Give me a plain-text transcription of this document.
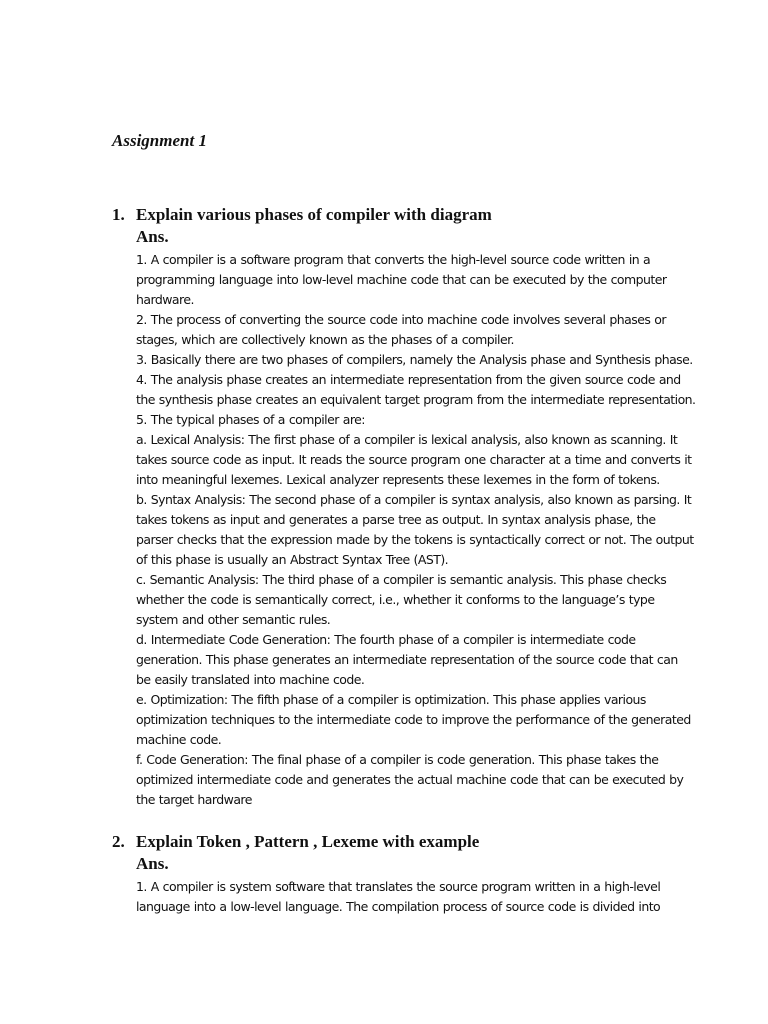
Assignment 1
1. Explain various phases of compiler with diagram

Ans.

1. A compiler is a software program that converts the high-level source code written in a programming language into low-level machine code that can be executed by the computer hardware.

2. The process of converting the source code into machine code involves several phases or stages, which are collectively known as the phases of a compiler.

3. Basically there are two phases of compilers, namely the Analysis phase and Synthesis phase.

4. The analysis phase creates an intermediate representation from the given source code and the synthesis phase creates an equivalent target program from the intermediate representation.

5. The typical phases of a compiler are:

a. Lexical Analysis: The first phase of a compiler is lexical analysis, also known as scanning. It takes source code as input. It reads the source program one character at a time and converts it into meaningful lexemes. Lexical analyzer represents these lexemes in the form of tokens.

b. Syntax Analysis: The second phase of a compiler is syntax analysis, also known as parsing. It takes tokens as input and generates a parse tree as output. In syntax analysis phase, the parser checks that the expression made by the tokens is syntactically correct or not. The output of this phase is usually an Abstract Syntax Tree (AST).

c. Semantic Analysis: The third phase of a compiler is semantic analysis. This phase checks whether the code is semantically correct, i.e., whether it conforms to the language’s type system and other semantic rules.

d. Intermediate Code Generation: The fourth phase of a compiler is intermediate code generation. This phase generates an intermediate representation of the source code that can be easily translated into machine code.

e. Optimization: The fifth phase of a compiler is optimization. This phase applies various optimization techniques to the intermediate code to improve the performance of the generated machine code.

f. Code Generation: The final phase of a compiler is code generation. This phase takes the optimized intermediate code and generates the actual machine code that can be executed by the target hardware

2. Explain Token , Pattern , Lexeme with example

Ans.

1. A compiler is system software that translates the source program written in a high-level language into a low-level language. The compilation process of source code is divided into
